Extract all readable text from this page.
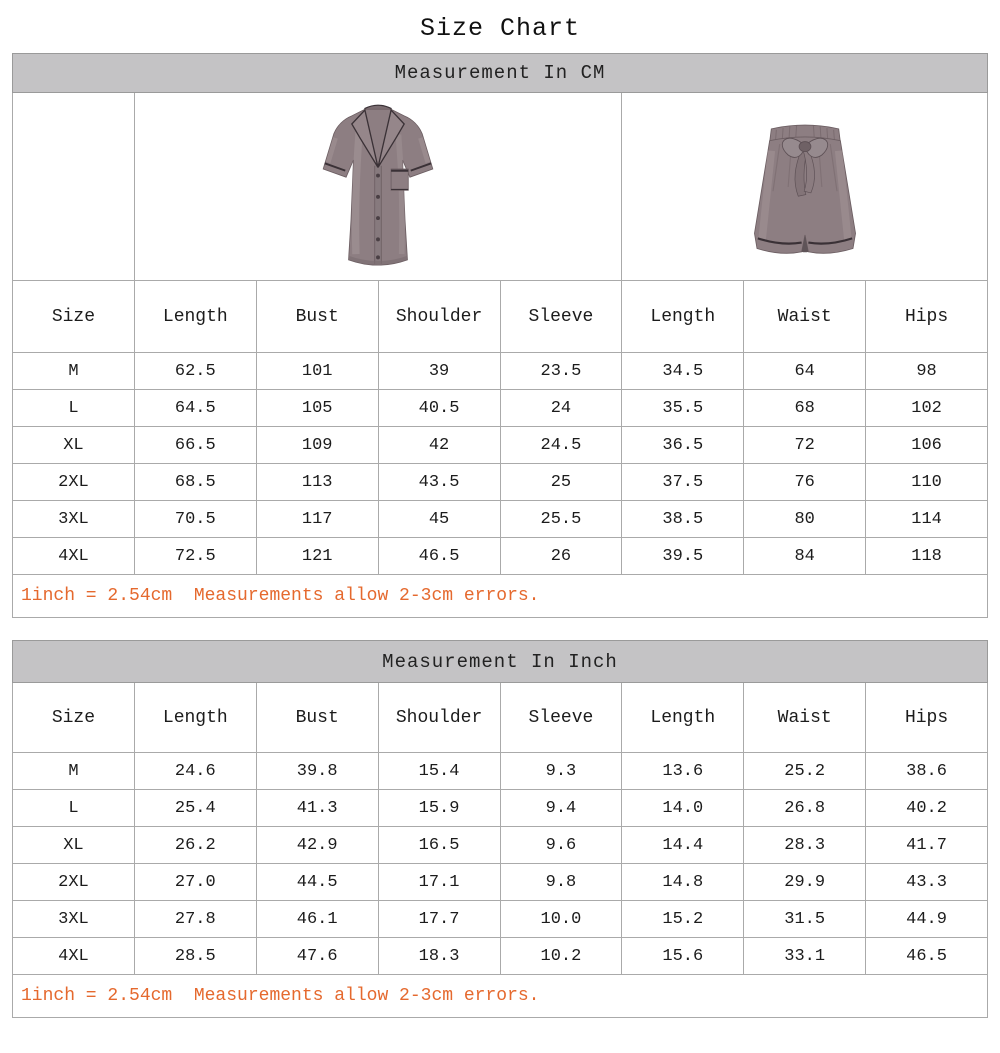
Size Chart
Measurement In CM							

Size	Length	Bust	Shoulder	Sleeve	Length	Waist	Hips
M	62.5	101	39	23.5	34.5	64	98
L	64.5	105	40.5	24	35.5	68	102
XL	66.5	109	42	24.5	36.5	72	106
2XL	68.5	113	43.5	25	37.5	76	110
3XL	70.5	117	45	25.5	38.5	80	114
4XL	72.5	121	46.5	26	39.5	84	118
1inch = 2.54cm  Measurements allow 2-3cm errors.							
Measurement In Inch							
Size	Length	Bust	Shoulder	Sleeve	Length	Waist	Hips
M	24.6	39.8	15.4	9.3	13.6	25.2	38.6
L	25.4	41.3	15.9	9.4	14.0	26.8	40.2
XL	26.2	42.9	16.5	9.6	14.4	28.3	41.7
2XL	27.0	44.5	17.1	9.8	14.8	29.9	43.3
3XL	27.8	46.1	17.7	10.0	15.2	31.5	44.9
4XL	28.5	47.6	18.3	10.2	15.6	33.1	46.5
1inch = 2.54cm  Measurements allow 2-3cm errors.							
